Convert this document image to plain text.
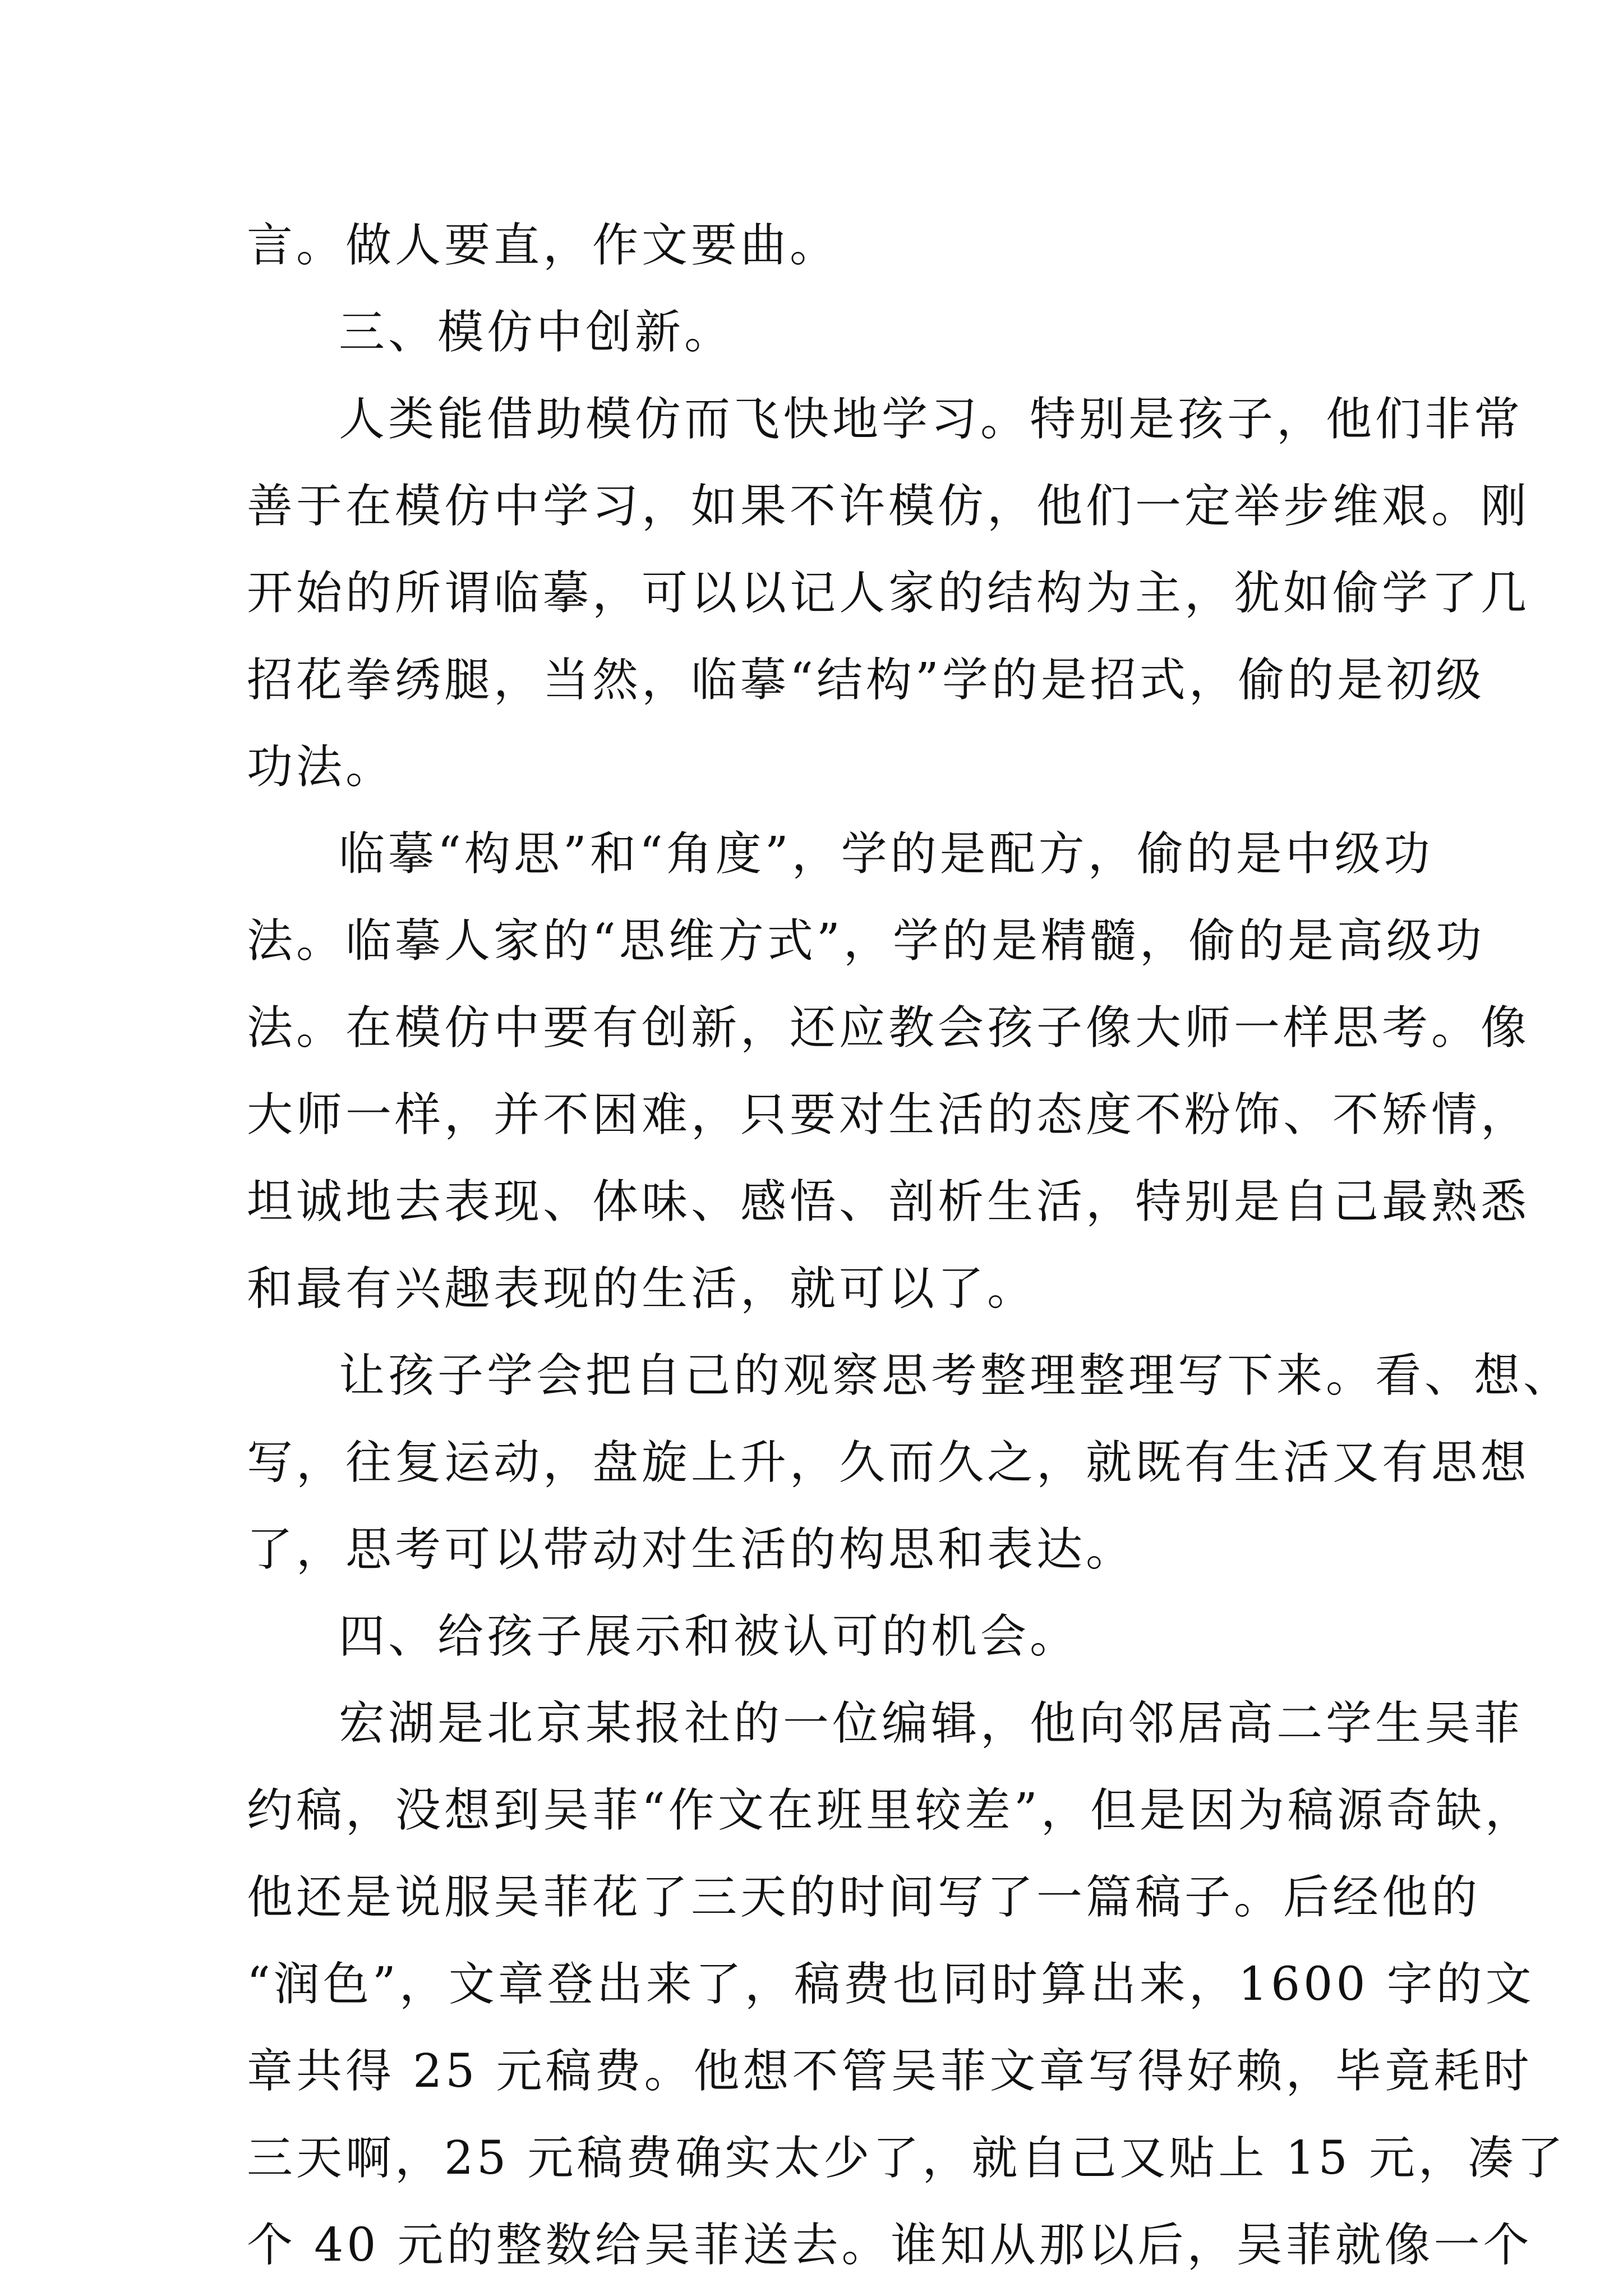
言。做人要直，作文要曲。
三、模仿中创新。
人类能借助模仿而飞快地学习。特别是孩子，他们非常
善于在模仿中学习，如果不许模仿，他们一定举步维艰。刚
开始的所谓临摹，可以以记人家的结构为主，犹如偷学了几
招花拳绣腿，当然，临摹“结构”学的是招式，偷的是初级
功法。
临摹“构思”和“角度”，学的是配方，偷的是中级功
法。临摹人家的“思维方式”，学的是精髓，偷的是高级功
法。在模仿中要有创新，还应教会孩子像大师一样思考。像
大师一样，并不困难，只要对生活的态度不粉饰、不矫情，
坦诚地去表现、体味、感悟、剖析生活，特别是自己最熟悉
和最有兴趣表现的生活，就可以了。
让孩子学会把自己的观察思考整理整理写下来。看、想、
写，往复运动，盘旋上升，久而久之，就既有生活又有思想
了，思考可以带动对生活的构思和表达。
四、给孩子展示和被认可的机会。
宏湖是北京某报社的一位编辑，他向邻居高二学生吴菲
约稿，没想到吴菲“作文在班里较差”，但是因为稿源奇缺，
他还是说服吴菲花了三天的时间写了一篇稿子。后经他的
“润色”，文章登出来了，稿费也同时算出来，1600 字的文
章共得 25 元稿费。他想不管吴菲文章写得好赖，毕竟耗时
三天啊，25 元稿费确实太少了，就自己又贴上 15 元，凑了
个 40 元的整数给吴菲送去。谁知从那以后，吴菲就像一个
